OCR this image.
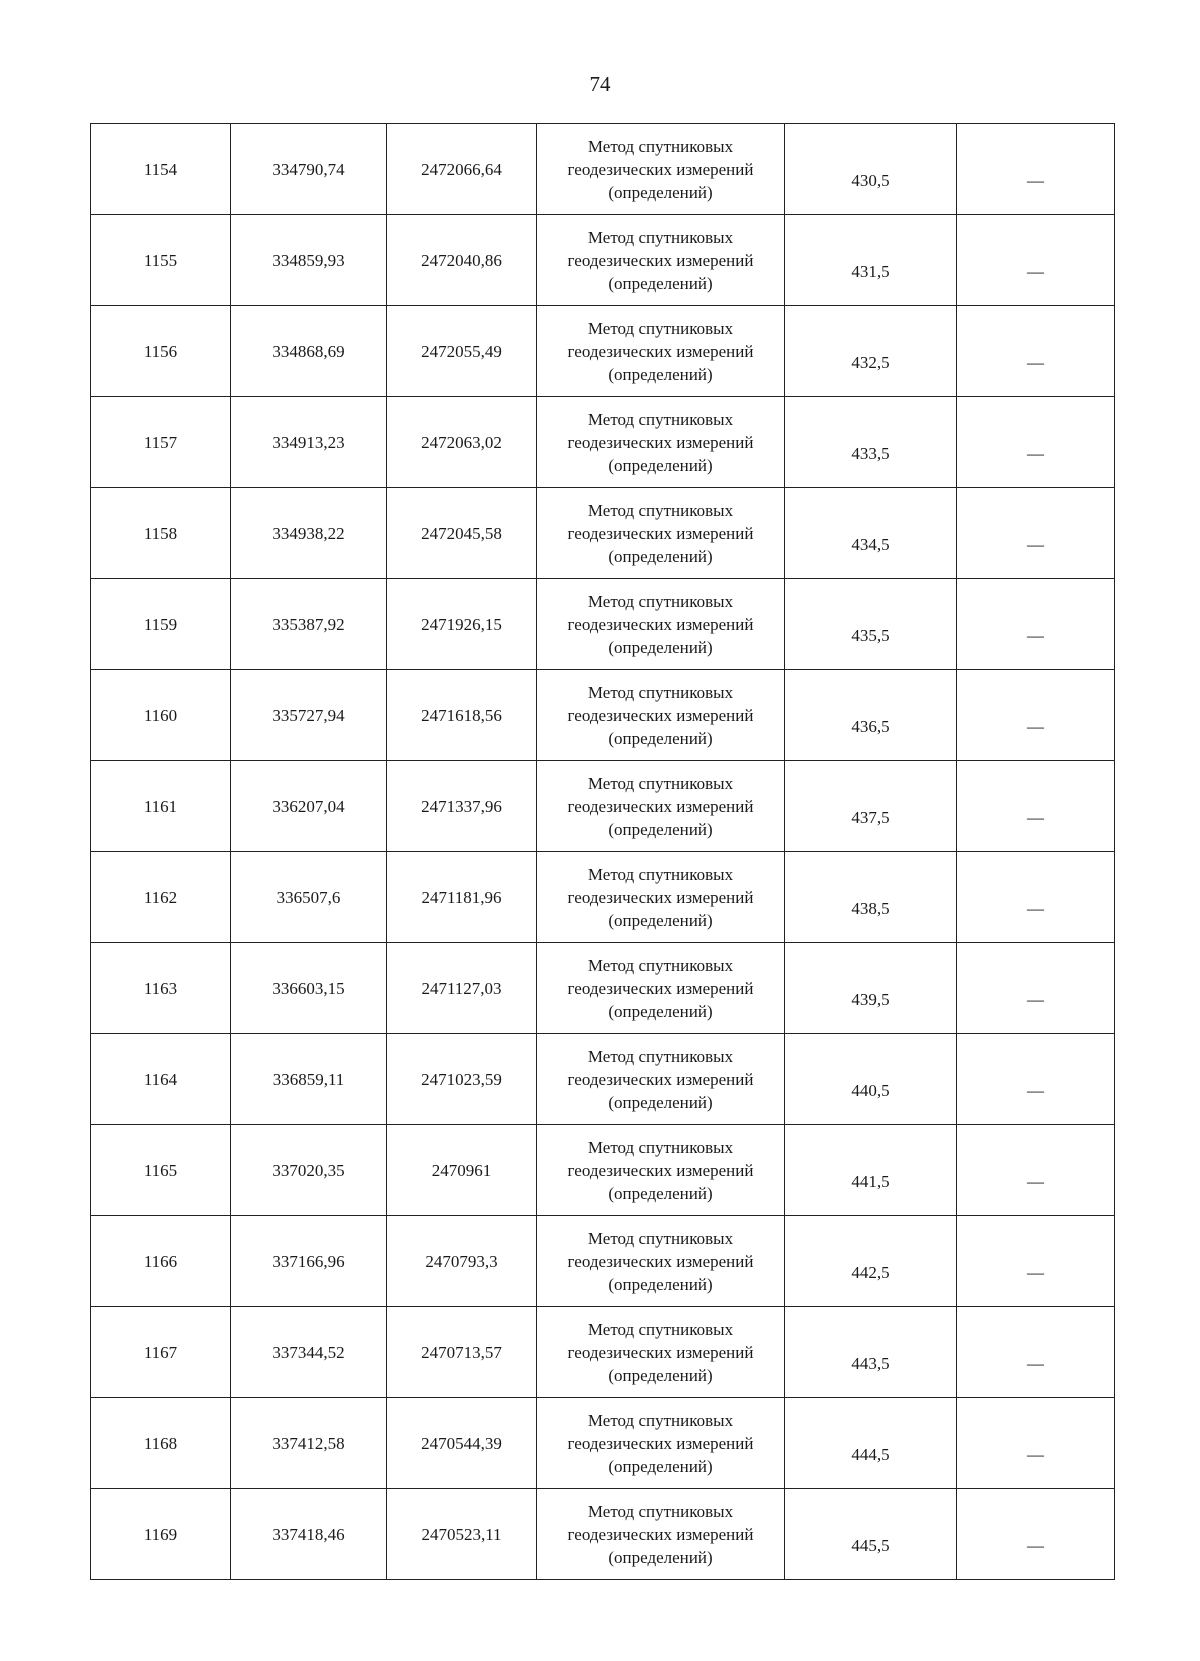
74
1154	334790,74	2472066,64	Метод спутниковых
геодезических измерений
(определений)	430,5	—

1155	334859,93	2472040,86	Метод спутниковых
геодезических измерений
(определений)	431,5	—

1156	334868,69	2472055,49	Метод спутниковых
геодезических измерений
(определений)	432,5	—

1157	334913,23	2472063,02	Метод спутниковых
геодезических измерений
(определений)	433,5	—

1158	334938,22	2472045,58	Метод спутниковых
геодезических измерений
(определений)	434,5	—

1159	335387,92	2471926,15	Метод спутниковых
геодезических измерений
(определений)	435,5	—

1160	335727,94	2471618,56	Метод спутниковых
геодезических измерений
(определений)	436,5	—

1161	336207,04	2471337,96	Метод спутниковых
геодезических измерений
(определений)	437,5	—

1162	336507,6	2471181,96	Метод спутниковых
геодезических измерений
(определений)	438,5	—

1163	336603,15	2471127,03	Метод спутниковых
геодезических измерений
(определений)	439,5	—

1164	336859,11	2471023,59	Метод спутниковых
геодезических измерений
(определений)	440,5	—

1165	337020,35	2470961	Метод спутниковых
геодезических измерений
(определений)	441,5	—

1166	337166,96	2470793,3	Метод спутниковых
геодезических измерений
(определений)	442,5	—

1167	337344,52	2470713,57	Метод спутниковых
геодезических измерений
(определений)	443,5	—

1168	337412,58	2470544,39	Метод спутниковых
геодезических измерений
(определений)	444,5	—

1169	337418,46	2470523,11	Метод спутниковых
геодезических измерений
(определений)	445,5	—
